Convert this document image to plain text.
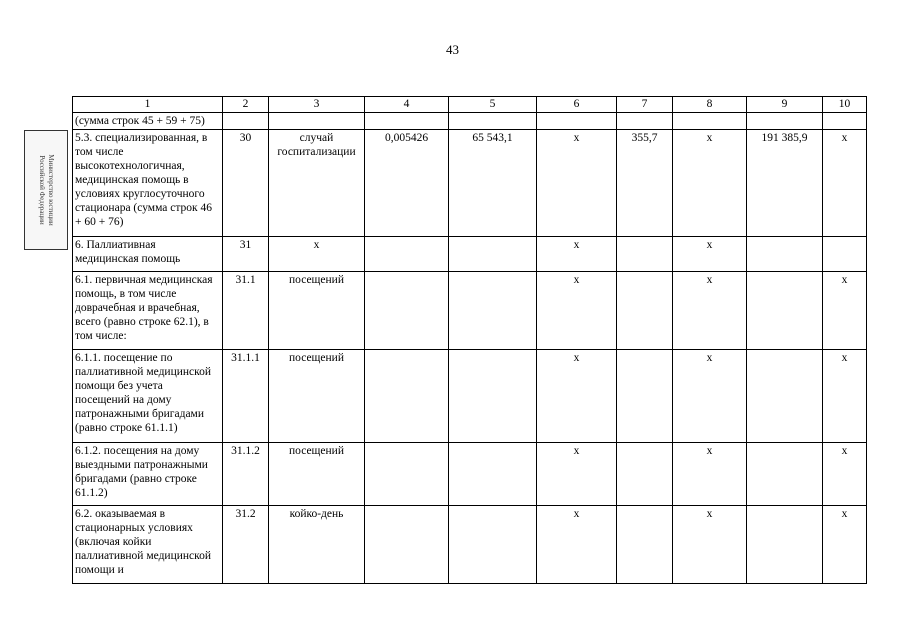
43
Министерство юстиции
Российской Федерации
1	2	3	4	5	6	7	8	9	10
(сумма строк 45 + 59 + 75)									
5.3. специализированная, в том числе высокотехнологичная, медицинская помощь в условиях круглосуточного стационара (сумма строк 46 + 60 + 76)	30	случай госпитализации	0,005426	65 543,1	х	355,7	х	191 385,9	х
6. Паллиативная медицинская помощь	31	х			х		х		
6.1. первичная медицинская помощь, в том числе доврачебная и врачебная, всего (равно строке 62.1), в том числе:	31.1	посещений			х		х		х
6.1.1. посещение по паллиативной медицинской помощи без учета посещений на дому патронажными бригадами (равно строке 61.1.1)	31.1.1	посещений			х		х		х
6.1.2. посещения на дому выездными патронажными бригадами (равно строке 61.1.2)	31.1.2	посещений			х		х		х
6.2. оказываемая в стационарных условиях (включая койки паллиативной медицинской помощи и	31.2	койко-день			х		х		х
